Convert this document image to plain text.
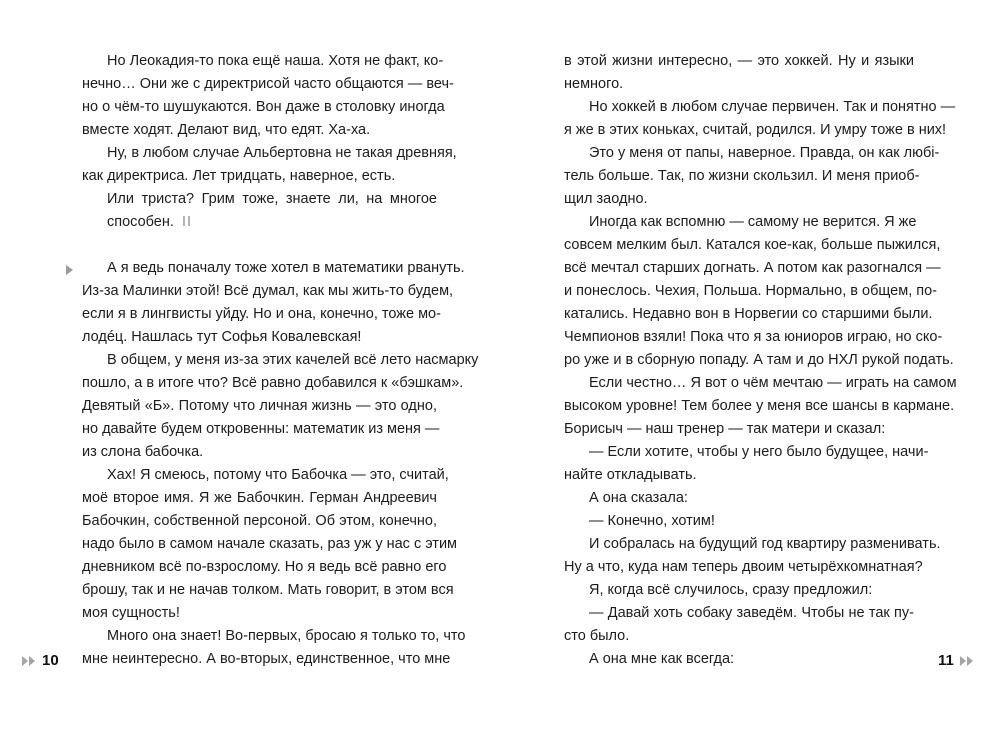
Но Леокадия-то пока ещё наша. Хотя не факт, ко-
нечно… Они же с директрисой часто общаются — веч-
но о чём-то шушукаются. Вон даже в столовку иногда
вместе ходят. Делают вид, что едят. Ха-ха.
Ну, в любом случае Альбертовна не такая древняя,
как директриса. Лет тридцать, наверное, есть.
Или триста? Грим тоже, знаете ли, на многое
способен. II
А я ведь поначалу тоже хотел в математики рвануть.
Из-за Малинки этой! Всё думал, как мы жить-то будем,
если я в лингвисты уйду. Но и она, конечно, тоже мо-
лодéц. Нашлась тут Софья Ковалевская!
В общем, у меня из-за этих качелей всё лето насмарку
пошло, а в итоге что? Всё равно добавился к «бэшкам».
Девятый «Б». Потому что личная жизнь — это одно,
но давайте будем откровенны: математик из меня —
из слона бабочка.
Хах! Я смеюсь, потому что Бабочка — это, считай,
моё второе имя. Я же Бабочкин. Герман Андреевич
Бабочкин, собственной персоной. Об этом, конечно,
надо было в самом начале сказать, раз уж у нас с этим
дневником всё по-взрослому. Но я ведь всё равно его
брошу, так и не начав толком. Мать говорит, в этом вся
моя сущность!
Много она знает! Во-первых, бросаю я только то, что
мне неинтересно. А во-вторых, единственное, что мне
в этой жизни интересно, — это хоккей. Ну и языки
немного.
Но хоккей в любом случае первичен. Так и понятно —
я же в этих коньках, считай, родился. И умру тоже в них!
Это у меня от папы, наверное. Правда, он как любі-
тель больше. Так, по жизни скользил. И меня приоб-
щил заодно.
Иногда как вспомню — самому не верится. Я же
совсем мелким был. Катался кое-как, больше пыжился,
всё мечтал старших догнать. А потом как разогнался —
и понеслось. Чехия, Польша. Нормально, в общем, по-
катались. Недавно вон в Норвегии со старшими были.
Чемпионов взяли! Пока что я за юниоров играю, но ско-
ро уже и в сборную попаду. А там и до НХЛ рукой подать.
Если честно… Я вот о чём мечтаю — играть на самом
высоком уровне! Тем более у меня все шансы в кармане.
Борисыч — наш тренер — так матери и сказал:
— Если хотите, чтобы у него было будущее, начи-
найте откладывать.
А она сказала:
— Конечно, хотим!
И собралась на будущий год квартиру разменивать.
Ну а что, куда нам теперь двоим четырёхкомнатная?
Я, когда всё случилось, сразу предложил:
— Давай хоть собаку заведём. Чтобы не так пу-
сто было.
А она мне как всегда:
10	11
